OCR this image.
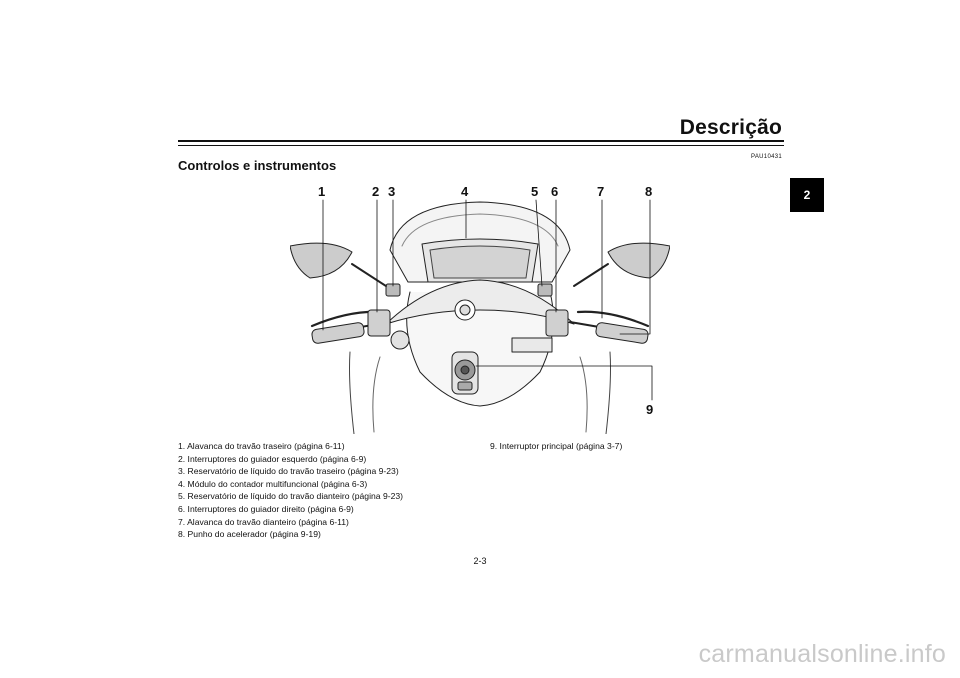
Descrição
2
PAU10431
Controlos e instrumentos
1	2 3	4	5 6	7	8
9
1. Alavanca do travão traseiro (página 6-11)
2. Interruptores do guiador esquerdo (página 6-9)
3. Reservatório de líquido do travão traseiro (página 9-23)
4. Módulo do contador multifuncional (página 6-3)
5. Reservatório de líquido do travão dianteiro (página 9-23)
6. Interruptores do guiador direito (página 6-9)
7. Alavanca do travão dianteiro (página 6-11)
8. Punho do acelerador (página 9-19)
9. Interruptor principal (página 3-7)
2-3
carmanualsonline.info
